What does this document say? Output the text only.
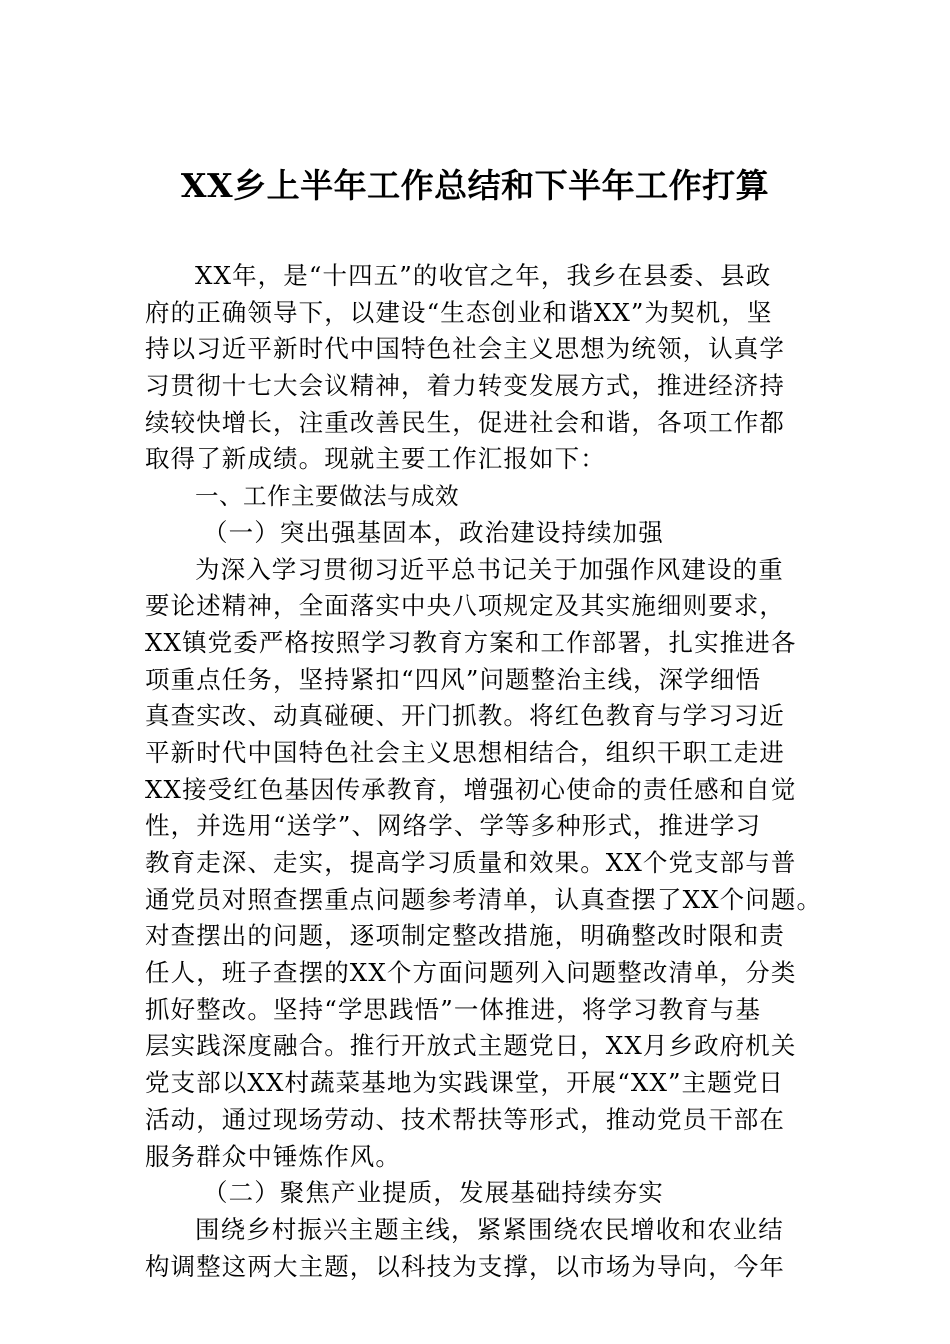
XX乡上半年工作总结和下半年工作打算
XX年，是“十四五”的收官之年，我乡在县委、县政
府的正确领导下，以建设“生态创业和谐XX”为契机，坚
持以习近平新时代中国特色社会主义思想为统领，认真学
习贯彻十七大会议精神，着力转变发展方式，推进经济持
续较快增长，注重改善民生，促进社会和谐，各项工作都
取得了新成绩。现就主要工作汇报如下：
一、工作主要做法与成效
（一）突出强基固本，政治建设持续加强
为深入学习贯彻习近平总书记关于加强作风建设的重
要论述精神，全面落实中央八项规定及其实施细则要求，
XX镇党委严格按照学习教育方案和工作部署，扎实推进各
项重点任务，坚持紧扣“四风”问题整治主线，深学细悟
真查实改、动真碰硬、开门抓教。将红色教育与学习习近
平新时代中国特色社会主义思想相结合，组织干职工走进
XX接受红色基因传承教育，增强初心使命的责任感和自觉
性，并选用“送学”、网络学、学等多种形式，推进学习
教育走深、走实，提高学习质量和效果。XX个党支部与普
通党员对照查摆重点问题参考清单，认真查摆了XX个问题。
对查摆出的问题，逐项制定整改措施，明确整改时限和责
任人，班子查摆的XX个方面问题列入问题整改清单，分类
抓好整改。坚持“学思践悟”一体推进，将学习教育与基
层实践深度融合。推行开放式主题党日，XX月乡政府机关
党支部以XX村蔬菜基地为实践课堂，开展“XX”主题党日
活动，通过现场劳动、技术帮扶等形式，推动党员干部在
服务群众中锤炼作风。
（二）聚焦产业提质，发展基础持续夯实
围绕乡村振兴主题主线，紧紧围绕农民增收和农业结
构调整这两大主题，以科技为支撑，以市场为导向，今年
